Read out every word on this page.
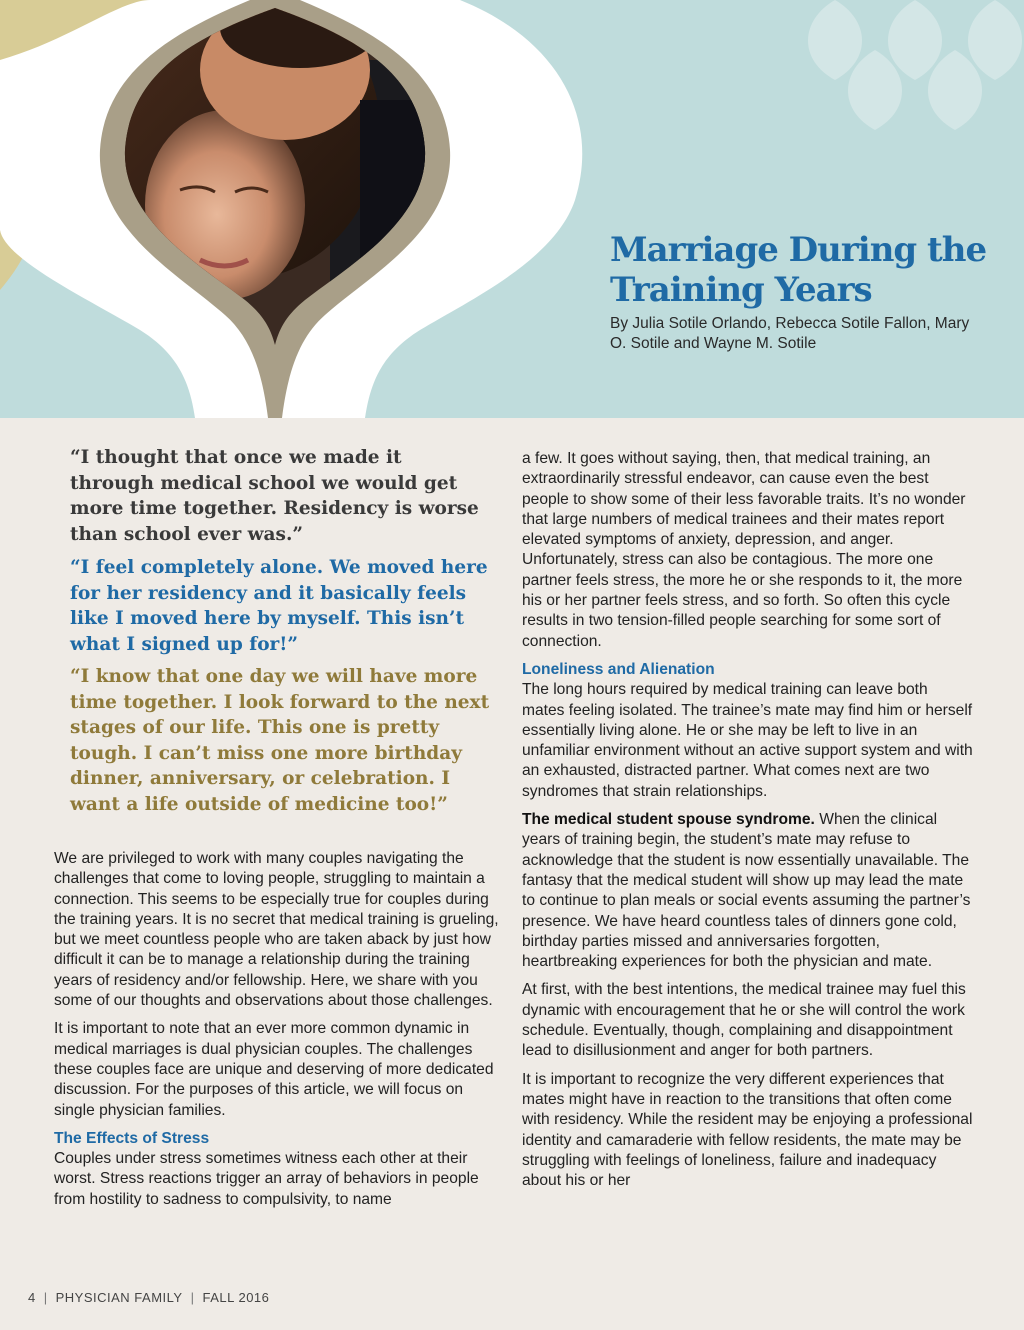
Marriage During the Training Years
By Julia Sotile Orlando, Rebecca Sotile Fallon, Mary O. Sotile and Wayne M. Sotile

“I thought that once we made it through medical school we would get more time together. Residency is worse than school ever was.”

“I feel completely alone. We moved here for her residency and it basically feels like I moved here by myself. This isn’t what I signed up for!”

“I know that one day we will have more time together. I look forward to the next stages of our life. This one is pretty tough. I can’t miss one more birthday dinner, anniversary, or celebration. I want a life outside of medicine too!”

We are privileged to work with many couples navigating the challenges that come to loving people, struggling to maintain a connection. This seems to be especially true for couples during the training years. It is no secret that medical training is grueling, but we meet countless people who are taken aback by just how difficult it can be to manage a relationship during the training years of residency and/or fellowship. Here, we share with you some of our thoughts and observations about those challenges.

It is important to note that an ever more common dynamic in medical marriages is dual physician couples. The challenges these couples face are unique and deserving of more dedicated discussion. For the purposes of this article, we will focus on single physician families.

The Effects of Stress

Couples under stress sometimes witness each other at their worst. Stress reactions trigger an array of behaviors in people from hostility to sadness to compulsivity, to name

a few. It goes without saying, then, that medical training, an extraordinarily stressful endeavor, can cause even the best people to show some of their less favorable traits. It’s no wonder that large numbers of medical trainees and their mates report elevated symptoms of anxiety, depression, and anger. Unfortunately, stress can also be contagious. The more one partner feels stress, the more he or she responds to it, the more his or her partner feels stress, and so forth. So often this cycle results in two tension-filled people searching for some sort of connection.

Loneliness and Alienation

The long hours required by medical training can leave both mates feeling isolated. The trainee’s mate may find him or herself essentially living alone. He or she may be left to live in an unfamiliar environment without an active support system and with an exhausted, distracted partner. What comes next are two syndromes that strain relationships.

The medical student spouse syndrome. When the clinical years of training begin, the student’s mate may refuse to acknowledge that the student is now essentially unavailable. The fantasy that the medical student will show up may lead the mate to continue to plan meals or social events assuming the partner’s presence. We have heard countless tales of dinners gone cold, birthday parties missed and anniversaries forgotten, heartbreaking experiences for both the physician and mate.

At first, with the best intentions, the medical trainee may fuel this dynamic with encouragement that he or she will control the work schedule. Eventually, though, complaining and disappointment lead to disillusionment and anger for both partners.

It is important to recognize the very different experiences that mates might have in reaction to the transitions that often come with residency. While the resident may be enjoying a professional identity and camaraderie with fellow residents, the mate may be struggling with feelings of loneliness, failure and inadequacy about his or her

4 | PHYSICIAN FAMILY | FALL 2016
